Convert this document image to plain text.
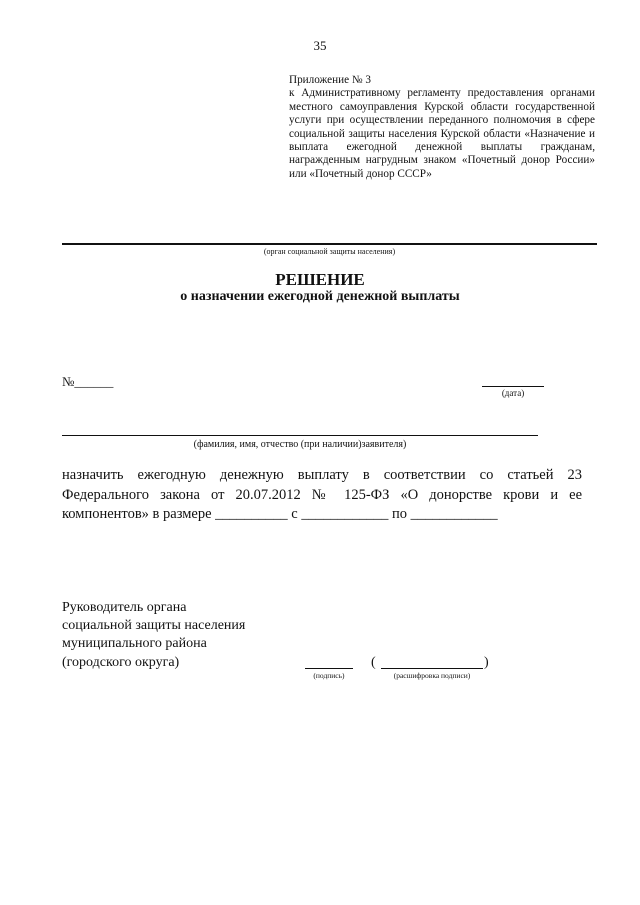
35
Приложение № 3
к Административному регламенту предоставления органами местного самоуправления Курской области государственной услуги при осуществлении переданного полномочия в сфере социальной защиты населения Курской области «Назначение и выплата ежегодной денежной выплаты гражданам, награжденным нагрудным знаком «Почетный донор России» или «Почетный донор СССР»
(орган социальной защиты населения)
РЕШЕНИЕ
о назначении ежегодной денежной выплаты
№______
(дата)
(фамилия, имя, отчество (при наличии)заявителя)
назначить ежегодную денежную выплату в соответствии со статьей 23 Федерального закона от 20.07.2012 № 125-ФЗ «О донорстве крови и ее компонентов» в размере __________ с ____________ по ____________
Руководитель органа
социальной защиты населения
муниципального района
(городского округа)
(подпись)
(	)
(расшифровка подписи)
